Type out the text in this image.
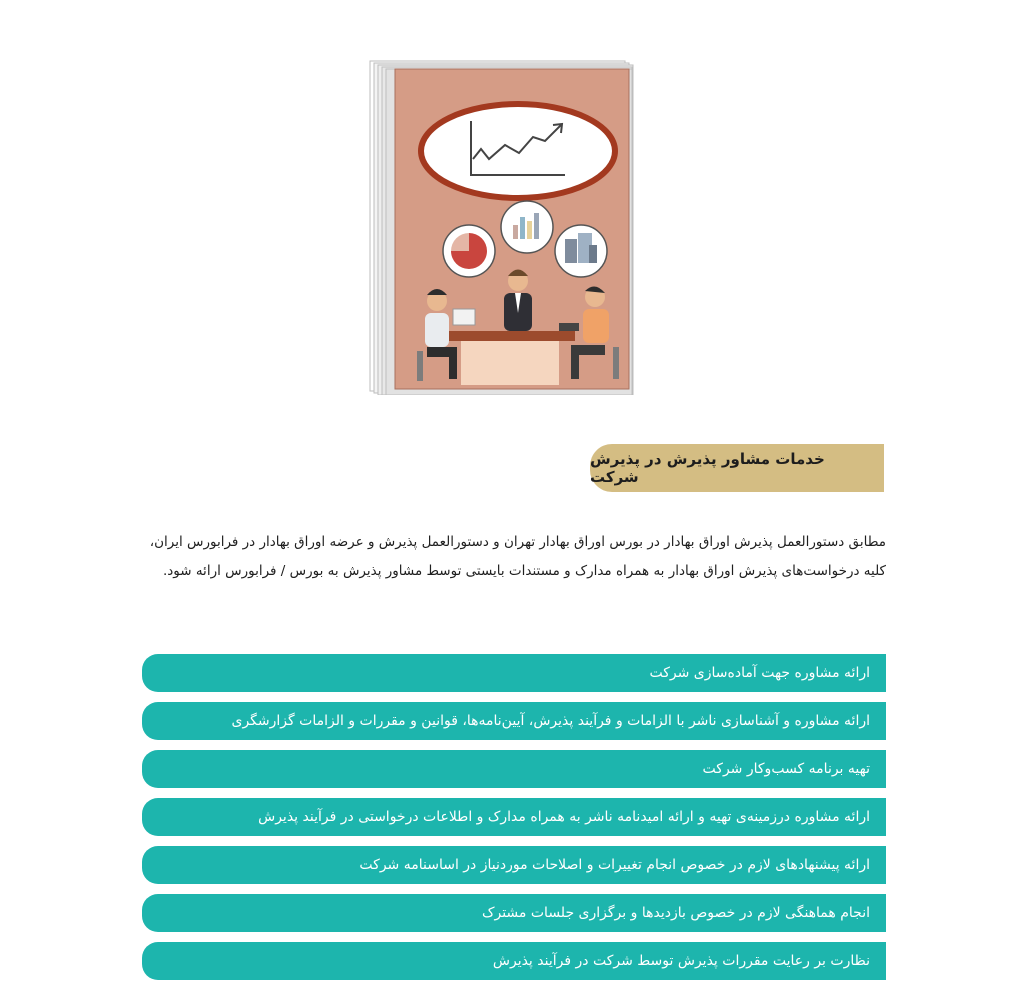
خدمات مشاور پذیرش در پذیرش شرکت

مطابق دستورالعمل پذیرش اوراق بهادار در بورس اوراق بهادار تهران و دستورالعمل پذیرش و عرضه اوراق بهادار در فرابورس ایران، کلیه درخواست‌های پذیرش اوراق بهادار به همراه مدارک و مستندات بایستی توسط مشاور پذیرش به بورس / فرابورس ارائه شود.

ارائه مشاوره جهت آماده‌سازی شرکت
ارائه مشاوره و آشناسازی ناشر با الزامات و فرآیند پذیرش، آیین‌نامه‌ها، قوانین و مقررات و الزامات گزارشگری
تهیه برنامه کسب‌وکار شرکت
ارائه مشاوره درزمینه‌ی تهیه و ارائه امیدنامه ناشر به همراه مدارک و اطلاعات درخواستی در فرآیند پذیرش
ارائه پیشنهادهای لازم در خصوص انجام تغییرات و اصلاحات موردنیاز در اساسنامه شرکت
انجام هماهنگی لازم در خصوص بازدیدها و برگزاری جلسات مشترک
نظارت بر رعایت مقررات پذیرش توسط شرکت در فرآیند پذیرش
